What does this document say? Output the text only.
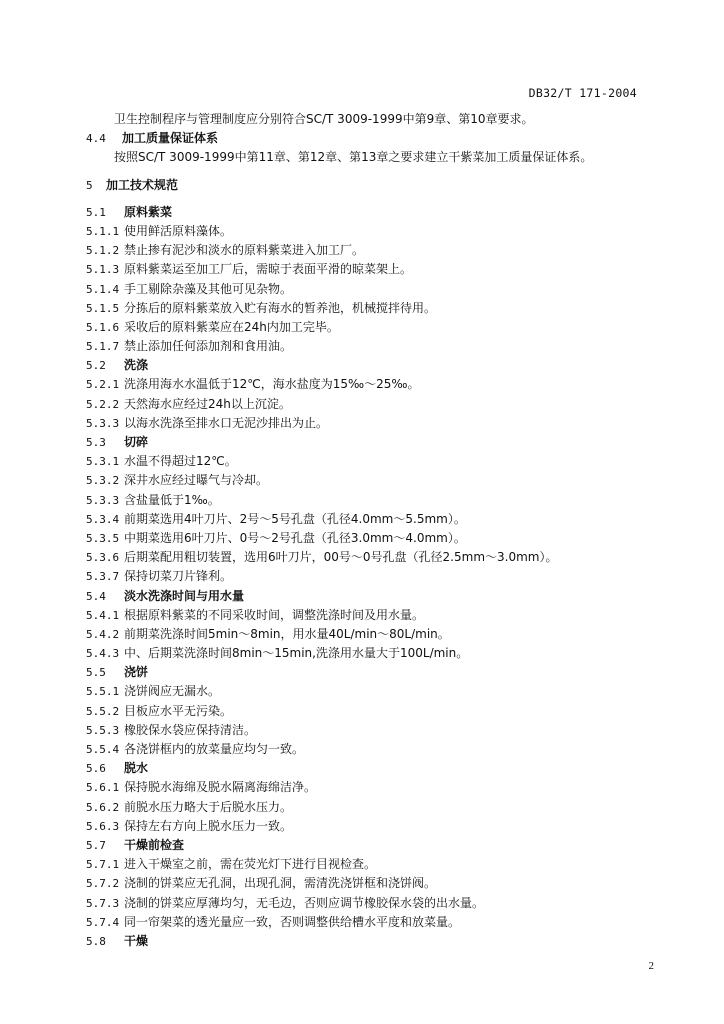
DB32/T 171-2004
卫生控制程序与管理制度应分别符合SC/T 3009-1999中第9章、第10章要求。
4.4	加工质量保证体系
按照SC/T 3009-1999中第11章、第12章、第13章之要求建立干紫菜加工质量保证体系。
5	加工技术规范
5.1	原料紫菜
5.1.1 使用鲜活原料藻体。
5.1.2 禁止掺有泥沙和淡水的原料紫菜进入加工厂。
5.1.3 原料紫菜运至加工厂后，需晾于表面平滑的晾菜架上。
5.1.4 手工剔除杂藻及其他可见杂物。
5.1.5 分拣后的原料紫菜放入贮有海水的暂养池，机械搅拌待用。
5.1.6 采收后的原料紫菜应在24h内加工完毕。
5.1.7 禁止添加任何添加剂和食用油。
5.2	洗涤
5.2.1 洗涤用海水水温低于12℃，海水盐度为15‰～25‰。
5.2.2 天然海水应经过24h以上沉淀。
5.3.3 以海水洗涤至排水口无泥沙排出为止。
5.3	切碎
5.3.1 水温不得超过12℃。
5.3.2 深井水应经过曝气与冷却。
5.3.3 含盐量低于1‰。
5.3.4 前期菜选用4叶刀片、2号～5号孔盘（孔径4.0mm～5.5mm）。
5.3.5 中期菜选用6叶刀片、0号～2号孔盘（孔径3.0mm～4.0mm）。
5.3.6 后期菜配用粗切装置，选用6叶刀片，00号～0号孔盘（孔径2.5mm～3.0mm）。
5.3.7 保持切菜刀片锋利。
5.4	淡水洗涤时间与用水量
5.4.1 根据原料紫菜的不同采收时间，调整洗涤时间及用水量。
5.4.2 前期菜洗涤时间5min～8min，用水量40L/min～80L/min。
5.4.3 中、后期菜洗涤时间8min～15min,洗涤用水量大于100L/min。
5.5	浇饼
5.5.1 浇饼阀应无漏水。
5.5.2 目板应水平无污染。
5.5.3 橡胶保水袋应保持清洁。
5.5.4 各浇饼框内的放菜量应均匀一致。
5.6	脱水
5.6.1 保持脱水海绵及脱水隔离海绵洁净。
5.6.2 前脱水压力略大于后脱水压力。
5.6.3 保持左右方向上脱水压力一致。
5.7	干燥前检查
5.7.1 进入干燥室之前，需在荧光灯下进行目视检查。
5.7.2 浇制的饼菜应无孔洞，出现孔洞，需清洗浇饼框和浇饼阀。
5.7.3 浇制的饼菜应厚薄均匀，无毛边，否则应调节橡胶保水袋的出水量。
5.7.4 同一帘架菜的透光量应一致，否则调整供给槽水平度和放菜量。
5.8	干燥
2
